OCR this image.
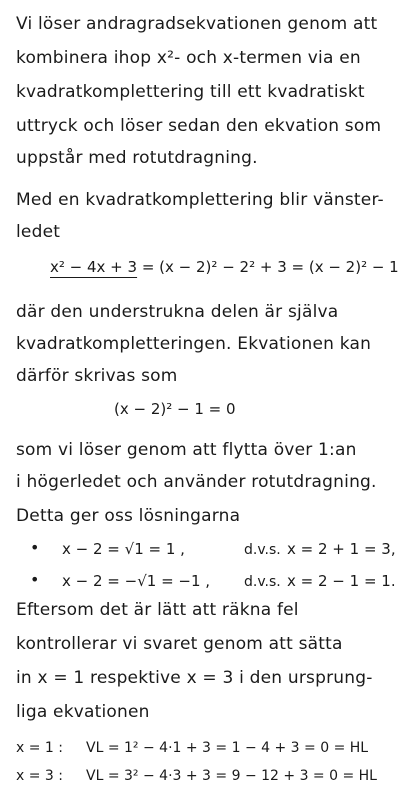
Vi löser andragradsekvationen genom att
kombinera ihop x²- och x-termen via en
kvadratkomplettering till ett kvadratiskt
uttryck och löser sedan den ekvation som
uppstår med rotutdragning.
Med en kvadratkomplettering blir vänster-
ledet
x² − 4x + 3 = (x − 2)² − 2² + 3 = (x − 2)² − 1
där den understrukna delen är själva
kvadratkompletteringen. Ekvationen kan
därför skrivas som
(x − 2)² − 1 = 0
som vi löser genom att flytta över 1:an
i högerledet och använder rotutdragning.
Detta ger oss lösningarna
• x − 2 = √1 = 1 ,	d.v.s. x = 2 + 1 = 3,
• x − 2 = −√1 = −1 , d.v.s. x = 2 − 1 = 1.
Eftersom det är lätt att räkna fel
kontrollerar vi svaret genom att sätta
in x = 1 respektive x = 3 i den ursprung-
liga ekvationen
x = 1 : VL = 1² − 4·1 + 3 = 1 − 4 + 3 = 0 = HL
x = 3 : VL = 3² − 4·3 + 3 = 9 − 12 + 3 = 0 = HL
